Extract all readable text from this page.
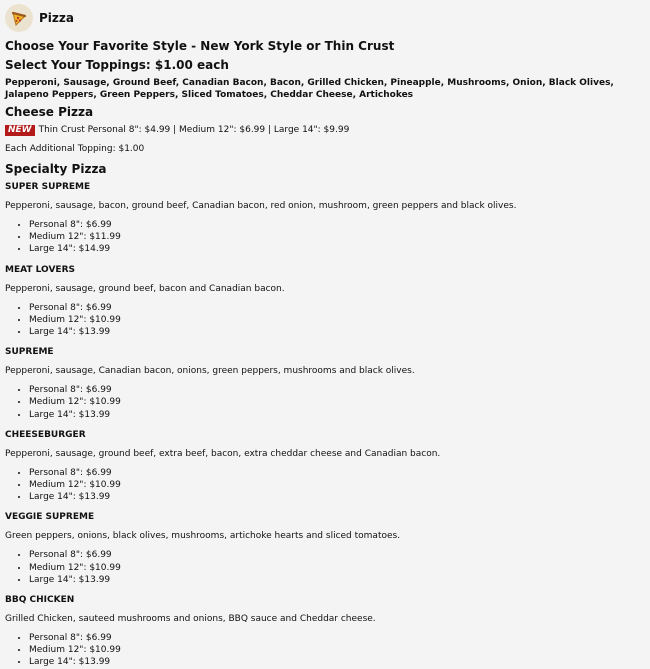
Pizza
Choose Your Favorite Style - New York Style or Thin Crust
Select Your Toppings: $1.00 each

Pepperoni, Sausage, Ground Beef, Canadian Bacon, Bacon, Grilled Chicken, Pineapple, Mushrooms, Onion, Black Olives, Jalapeno Peppers, Green Peppers, Sliced Tomatoes, Cheddar Cheese, Artichokes

Cheese Pizza
NEW Thin Crust Personal 8": $4.99 | Medium 12": $6.99 | Large 14": $9.99
Each Additional Topping: $1.00
Specialty Pizza

SUPER SUPREME

Pepperoni, sausage, bacon, ground beef, Canadian bacon, red onion, mushroom, green peppers and black olives.
• Personal 8": $6.99
• Medium 12": $11.99
• Large 14": $14.99

MEAT LOVERS

Pepperoni, sausage, ground beef, bacon and Canadian bacon.
• Personal 8": $6.99
• Medium 12": $10.99
• Large 14": $13.99

SUPREME

Pepperoni, sausage, Canadian bacon, onions, green peppers, mushrooms and black olives.
• Personal 8": $6.99
• Medium 12": $10.99
• Large 14": $13.99

CHEESEBURGER

Pepperoni, sausage, ground beef, extra beef, bacon, extra cheddar cheese and Canadian bacon.
• Personal 8": $6.99
• Medium 12": $10.99
• Large 14": $13.99

VEGGIE SUPREME

Green peppers, onions, black olives, mushrooms, artichoke hearts and sliced tomatoes.
• Personal 8": $6.99
• Medium 12": $10.99
• Large 14": $13.99

BBQ CHICKEN

Grilled Chicken, sauteed mushrooms and onions, BBQ sauce and Cheddar cheese.
• Personal 8": $6.99
• Medium 12": $10.99
• Large 14": $13.99
